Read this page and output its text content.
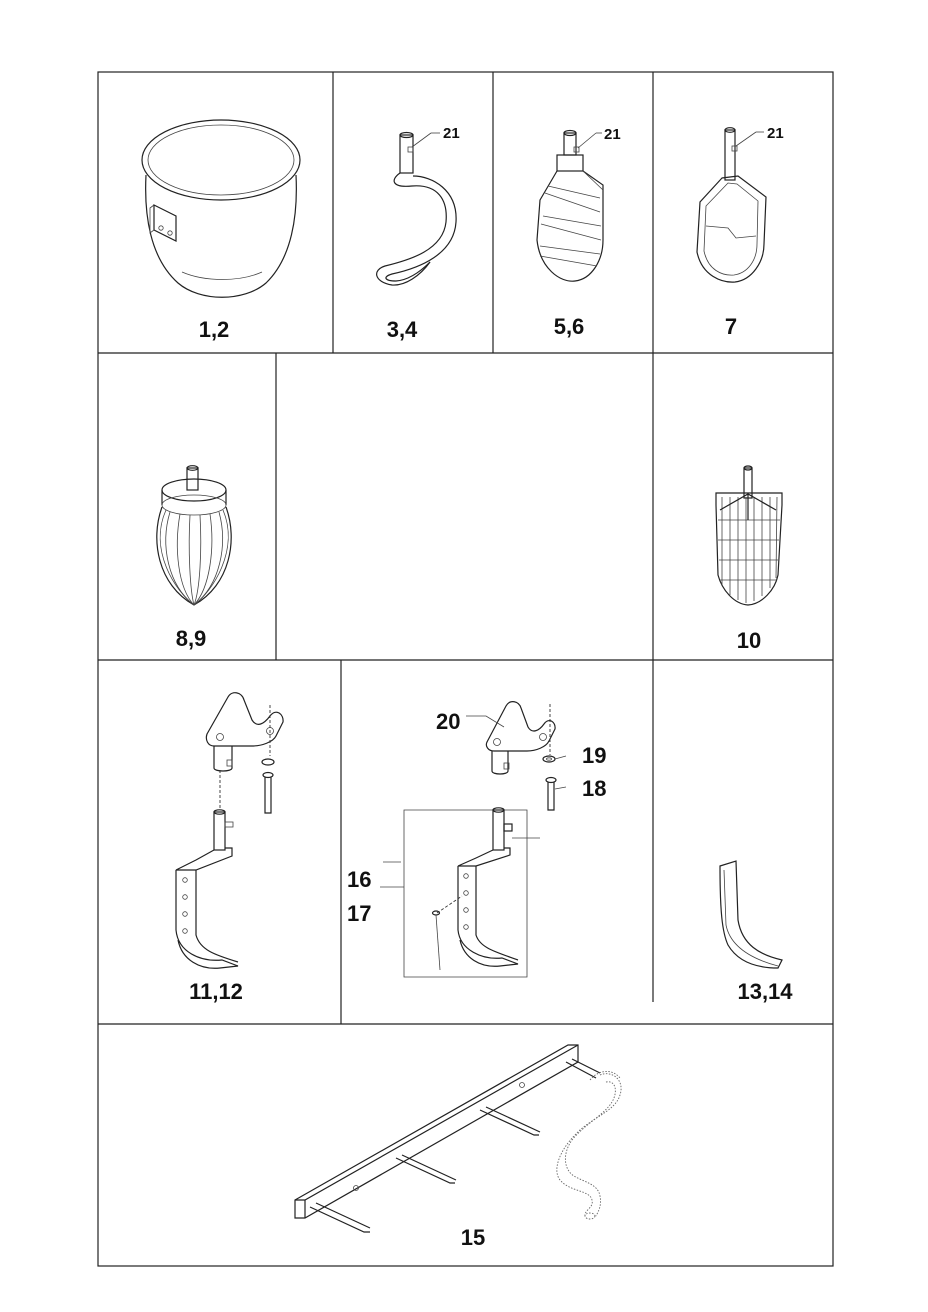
1,2
21
3,4
21
5,6
21
7
8,9	10
11,12
20
19
18
16
17
13,14
15
